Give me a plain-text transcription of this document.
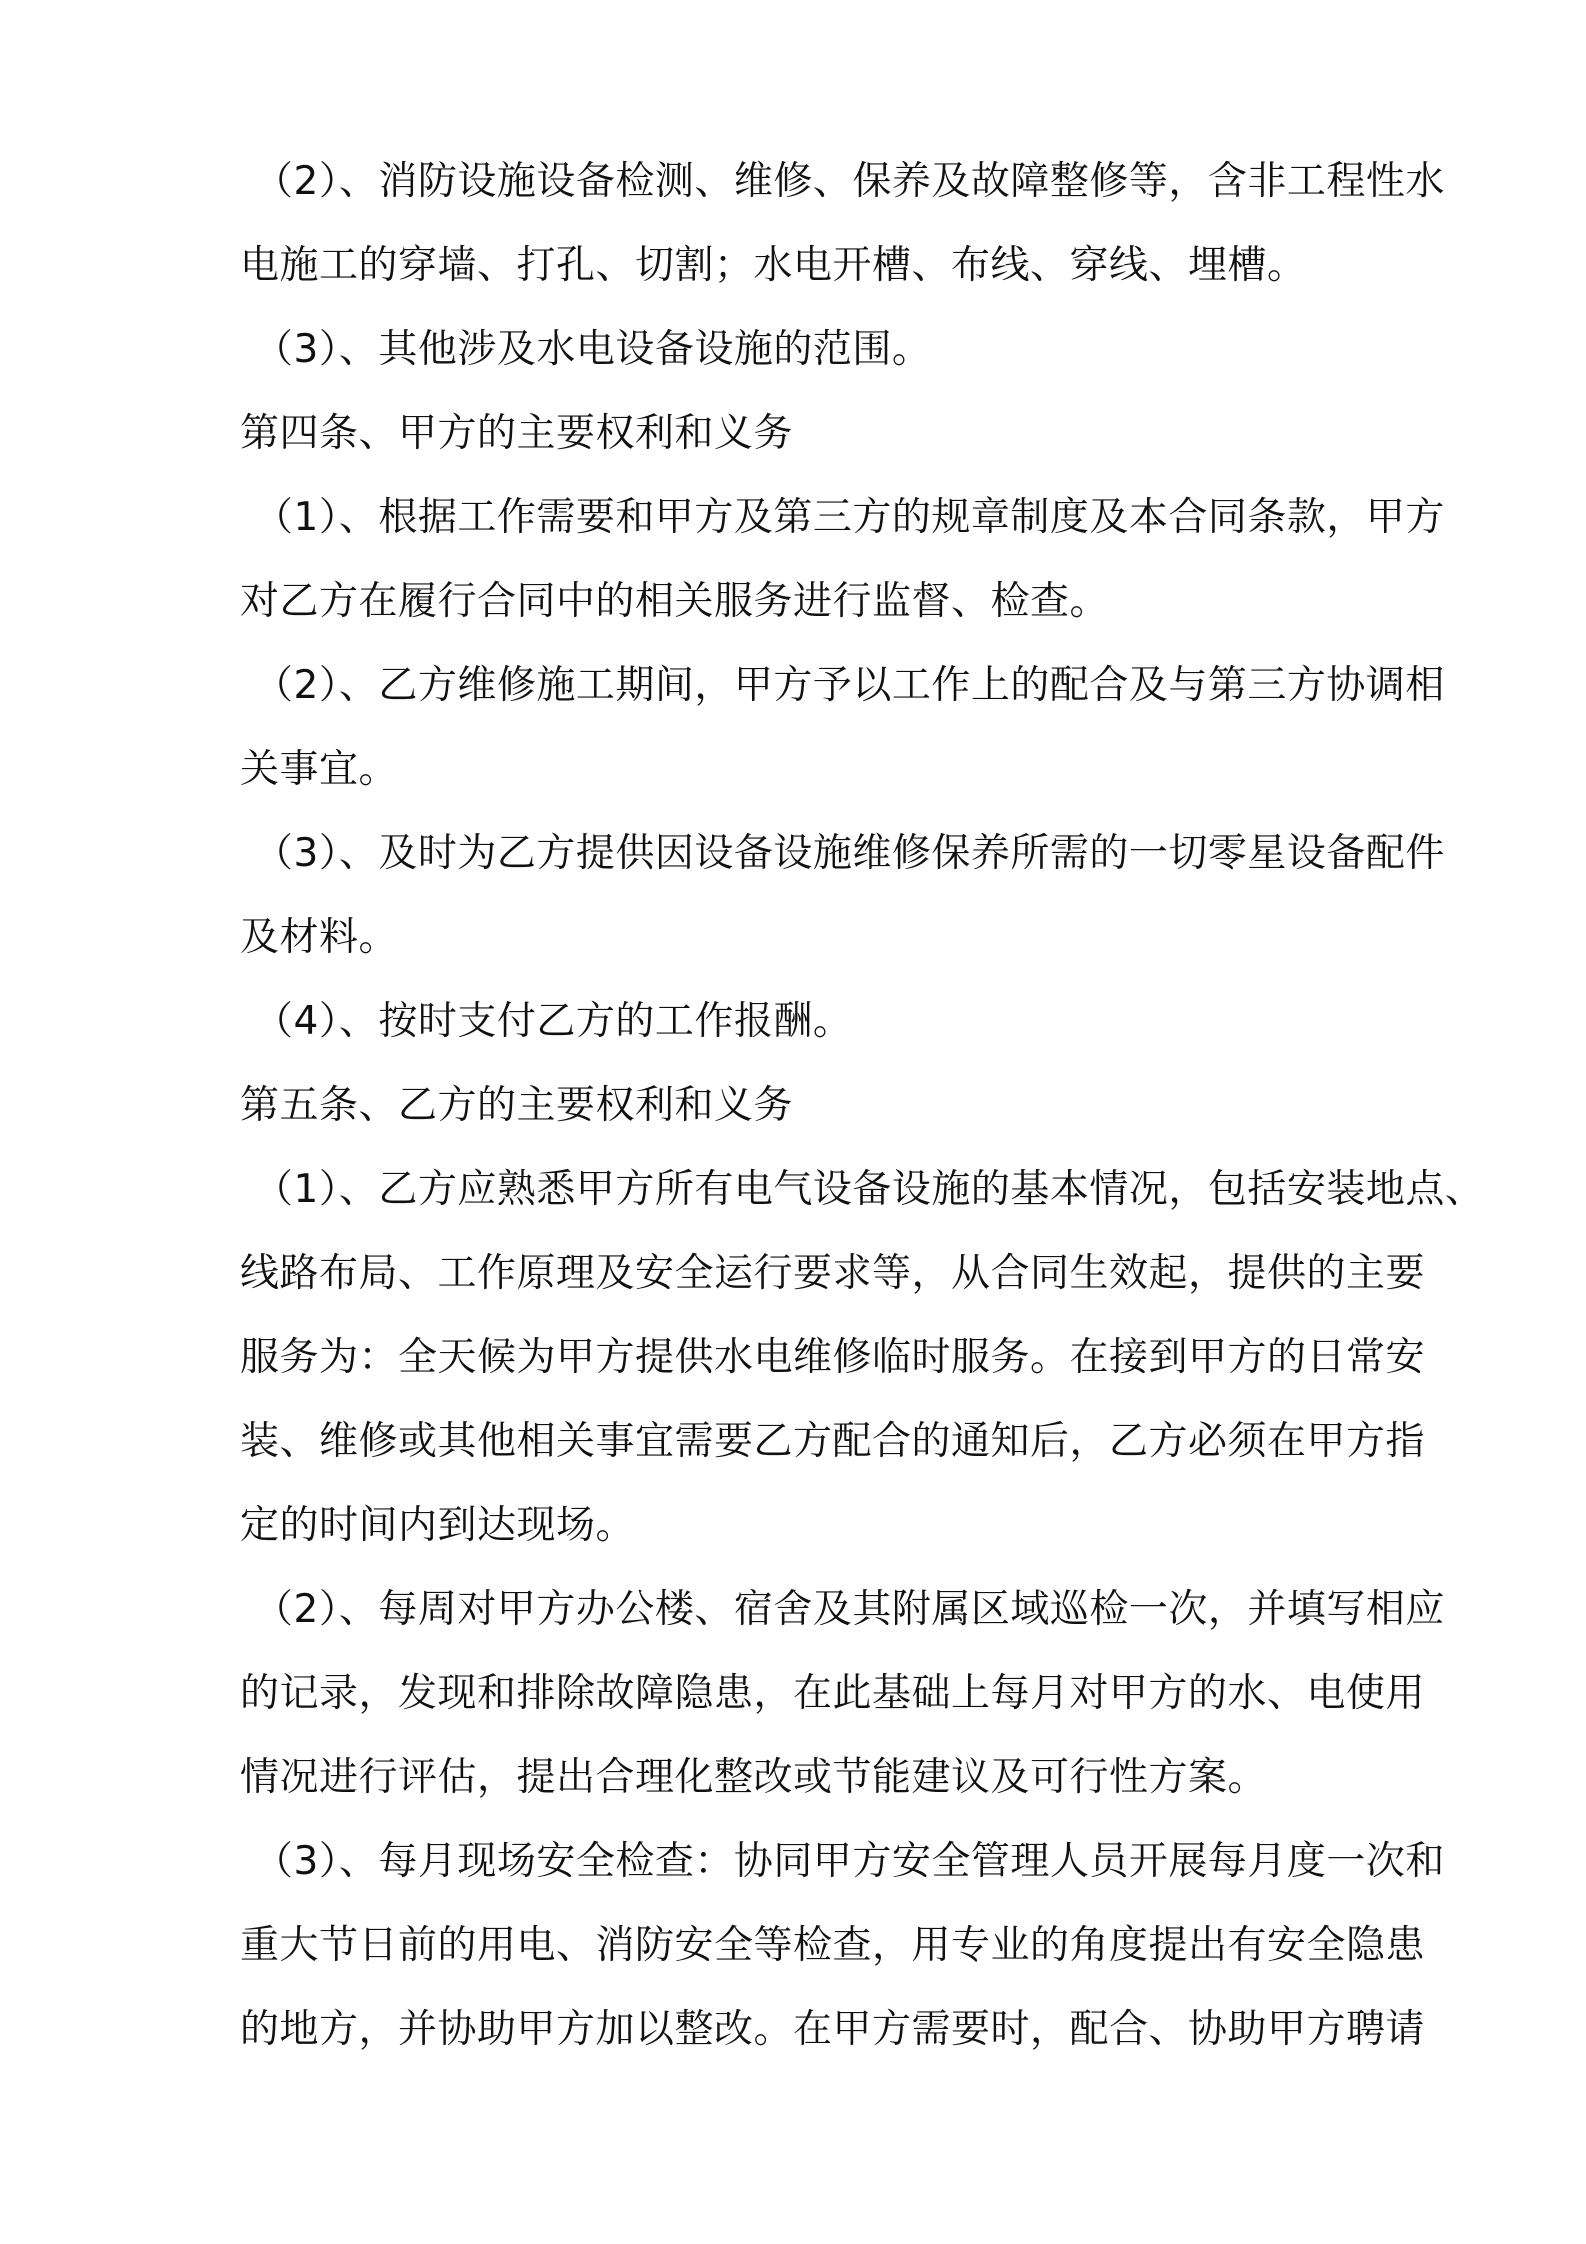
（2）、消防设施设备检测、维修、保养及故障整修等，含非工程性水
电施工的穿墙、打孔、切割；水电开槽、布线、穿线、埋槽。
（3）、其他涉及水电设备设施的范围。
第四条、甲方的主要权利和义务
（1）、根据工作需要和甲方及第三方的规章制度及本合同条款，甲方
对乙方在履行合同中的相关服务进行监督、检查。
（2）、乙方维修施工期间，甲方予以工作上的配合及与第三方协调相
关事宜。
（3）、及时为乙方提供因设备设施维修保养所需的一切零星设备配件
及材料。
（4）、按时支付乙方的工作报酬。
第五条、乙方的主要权利和义务
（1）、乙方应熟悉甲方所有电气设备设施的基本情况，包括安装地点、
线路布局、工作原理及安全运行要求等，从合同生效起，提供的主要
服务为：全天候为甲方提供水电维修临时服务。在接到甲方的日常安
装、维修或其他相关事宜需要乙方配合的通知后，乙方必须在甲方指
定的时间内到达现场。
（2）、每周对甲方办公楼、宿舍及其附属区域巡检一次，并填写相应
的记录，发现和排除故障隐患，在此基础上每月对甲方的水、电使用
情况进行评估，提出合理化整改或节能建议及可行性方案。
（3）、每月现场安全检查：协同甲方安全管理人员开展每月度一次和
重大节日前的用电、消防安全等检查，用专业的角度提出有安全隐患
的地方，并协助甲方加以整改。在甲方需要时，配合、协助甲方聘请
